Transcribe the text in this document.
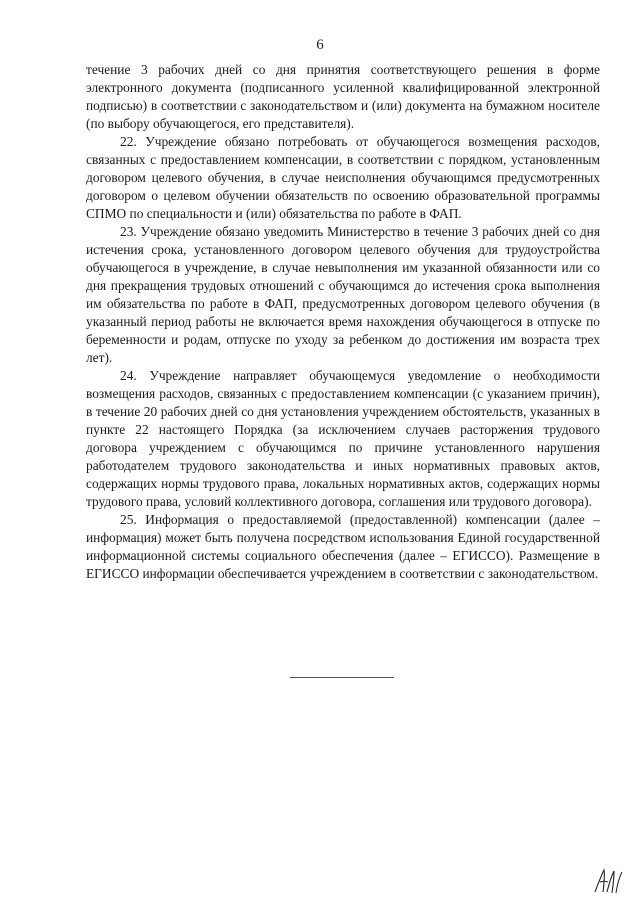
6

течение 3 рабочих дней со дня принятия соответствующего решения в форме электронного документа (подписанного усиленной квалифицированной электронной подписью) в соответствии с законодательством и (или) документа на бумажном носителе (по выбору обучающегося, его представителя).

22. Учреждение обязано потребовать от обучающегося возмещения расходов, связанных с предоставлением компенсации, в соответствии с порядком, установленным договором целевого обучения, в случае неисполнения обучающимся предусмотренных договором о целевом обучении обязательств по освоению образовательной программы СПМО по специальности и (или) обязательства по работе в ФАП.

23. Учреждение обязано уведомить Министерство в течение 3 рабочих дней со дня истечения срока, установленного договором целевого обучения для трудоустройства обучающегося в учреждение, в случае невыполнения им указанной обязанности или со дня прекращения трудовых отношений с обучающимся до истечения срока выполнения им обязательства по работе в ФАП, предусмотренных договором целевого обучения (в указанный период работы не включается время нахождения обучающегося в отпуске по беременности и родам, отпуске по уходу за ребенком до достижения им возраста трех лет).

24. Учреждение направляет обучающемуся уведомление о необходимости возмещения расходов, связанных с предоставлением компенсации (с указанием причин), в течение 20 рабочих дней со дня установления учреждением обстоятельств, указанных в пункте 22 настоящего Порядка (за исключением случаев расторжения трудового договора учреждением с обучающимся по причине установленного нарушения работодателем трудового законодательства и иных нормативных правовых актов, содержащих нормы трудового права, локальных нормативных актов, содержащих нормы трудового права, условий коллективного договора, соглашения или трудового договора).

25. Информация о предоставляемой (предоставленной) компенсации (далее – информация) может быть получена посредством использования Единой государственной информационной системы социального обеспечения (далее – ЕГИССО). Размещение в ЕГИССО информации обеспечивается учреждением в соответствии с законодательством.
